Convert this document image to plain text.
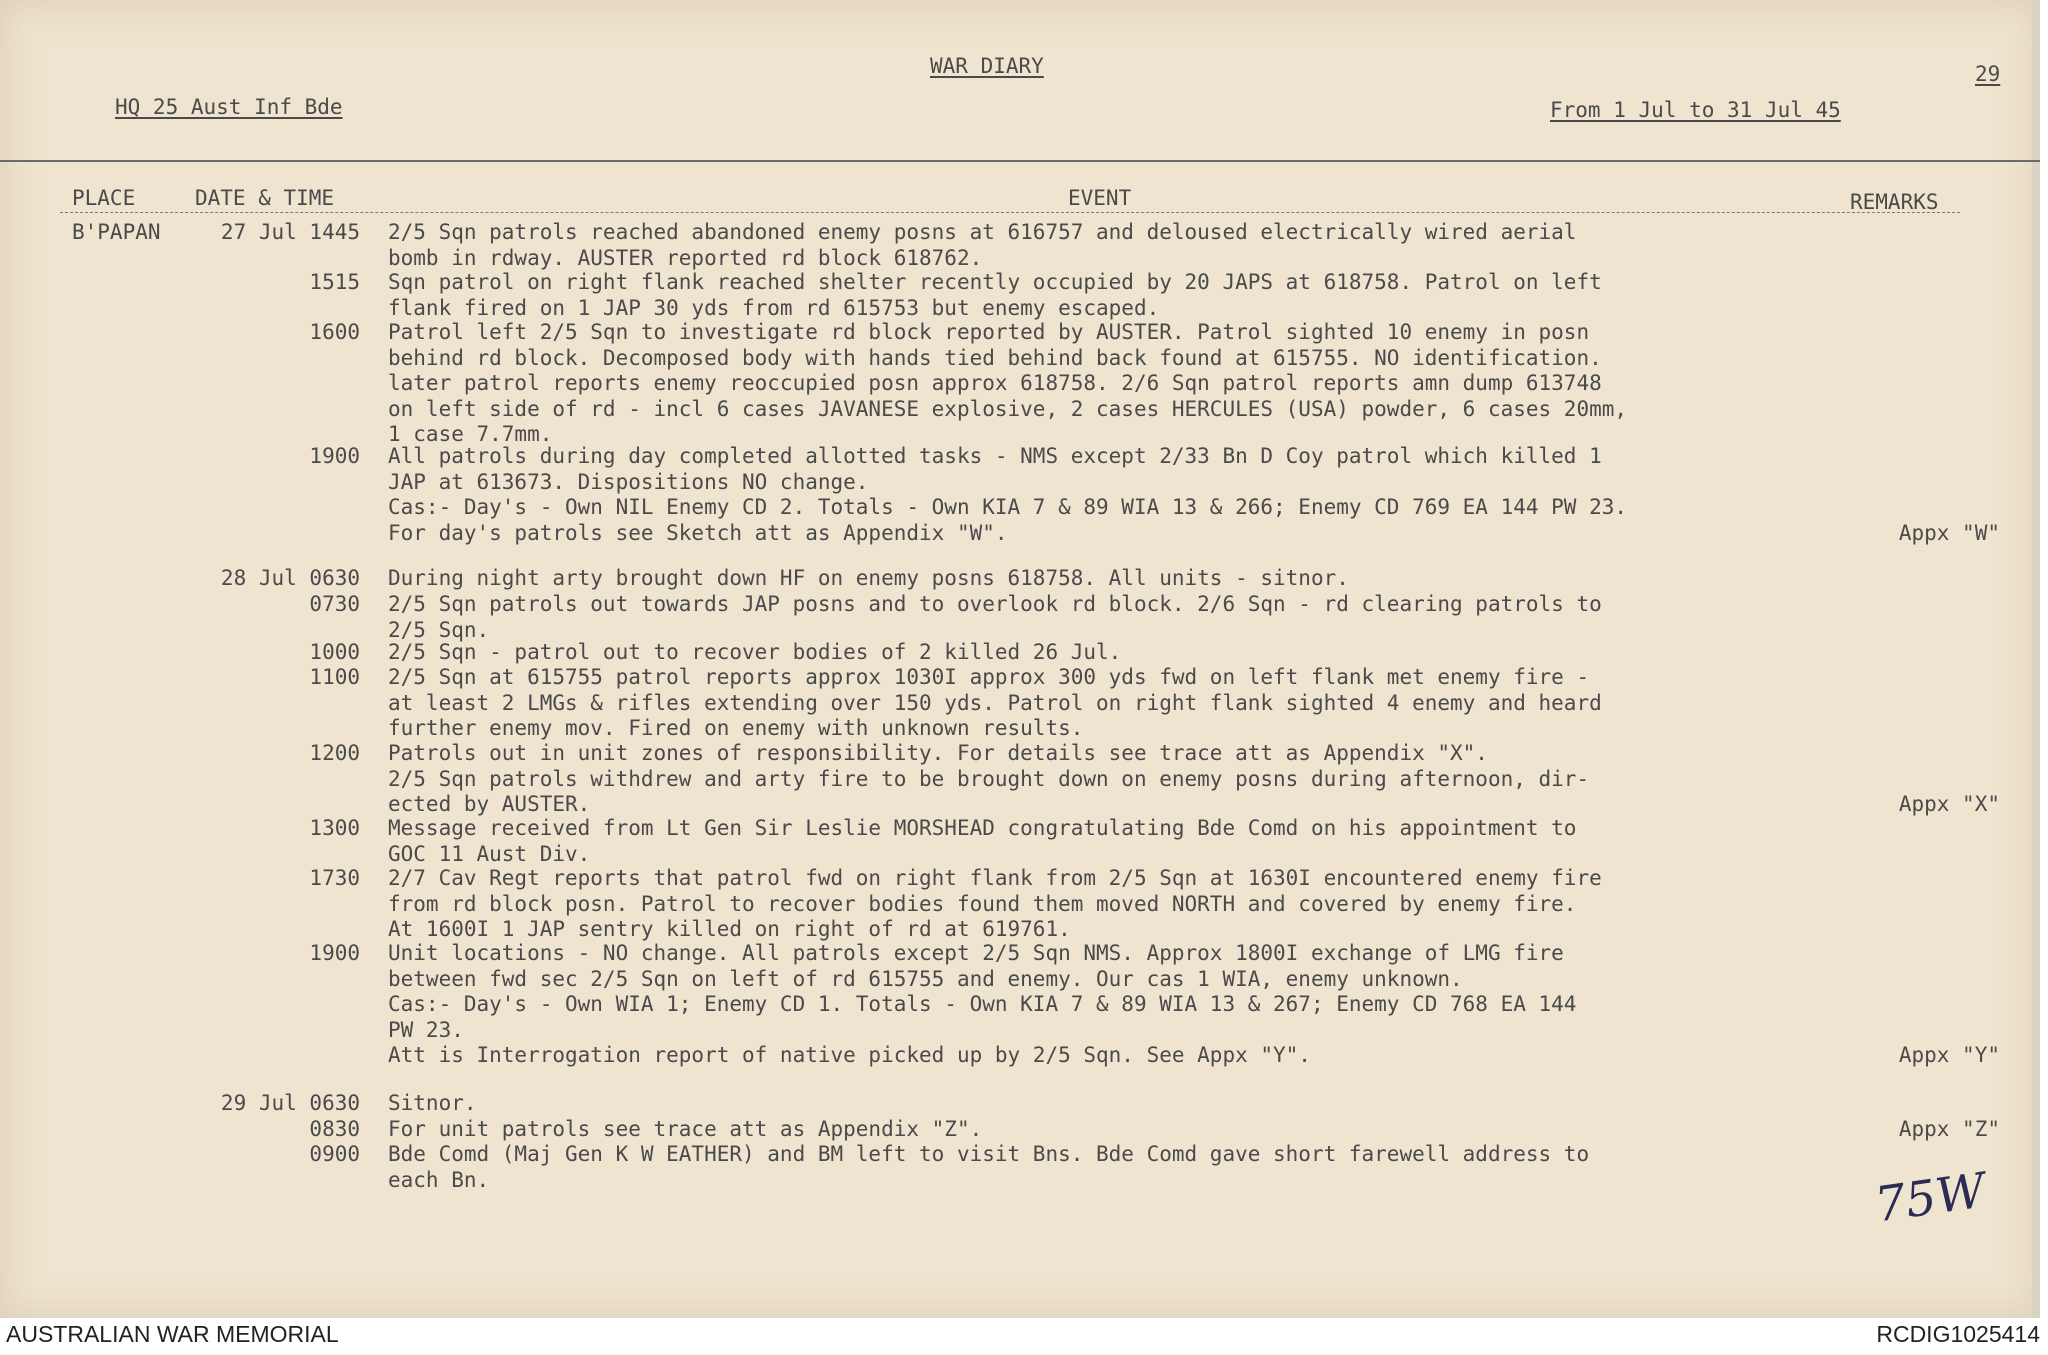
WAR DIARY
HQ 25 Aust Inf Bde	From 1 Jul to 31 Jul 45
29
PLACE	DATE & TIME	EVENT	REMARKS
B'PAPAN	27 Jul 1445 2/5 Sqn patrols reached abandoned enemy posns at 616757 and deloused electrically wired aerial
bomb in rdway. AUSTER reported rd block 618762.
1515 Sqn patrol on right flank reached shelter recently occupied by 20 JAPS at 618758. Patrol on left
flank fired on 1 JAP 30 yds from rd 615753 but enemy escaped.
1600 Patrol left 2/5 Sqn to investigate rd block reported by AUSTER. Patrol sighted 10 enemy in posn
behind rd block. Decomposed body with hands tied behind back found at 615755. NO identification.
later patrol reports enemy reoccupied posn approx 618758. 2/6 Sqn patrol reports amn dump 613748
on left side of rd - incl 6 cases JAVANESE explosive, 2 cases HERCULES (USA) powder, 6 cases 20mm,
1 case 7.7mm.
1900 All patrols during day completed allotted tasks - NMS except 2/33 Bn D Coy patrol which killed 1
JAP at 613673. Dispositions NO change.
Cas:- Day's - Own NIL Enemy CD 2. Totals - Own KIA 7 & 89 WIA 13 & 266; Enemy CD 769 EA 144 PW 23.
For day's patrols see Sketch att as Appendix "W".	Appx "W"
28 Jul 0630 During night arty brought down HF on enemy posns 618758. All units - sitnor.
0730 2/5 Sqn patrols out towards JAP posns and to overlook rd block. 2/6 Sqn - rd clearing patrols to
2/5 Sqn.
1000 2/5 Sqn - patrol out to recover bodies of 2 killed 26 Jul.
1100 2/5 Sqn at 615755 patrol reports approx 1030I approx 300 yds fwd on left flank met enemy fire -
at least 2 LMGs & rifles extending over 150 yds. Patrol on right flank sighted 4 enemy and heard
further enemy mov. Fired on enemy with unknown results.
1200 Patrols out in unit zones of responsibility. For details see trace att as Appendix "X".
2/5 Sqn patrols withdrew and arty fire to be brought down on enemy posns during afternoon, dir-
ected by AUSTER.	Appx "X"
1300 Message received from Lt Gen Sir Leslie MORSHEAD congratulating Bde Comd on his appointment to
GOC 11 Aust Div.
1730 2/7 Cav Regt reports that patrol fwd on right flank from 2/5 Sqn at 1630I encountered enemy fire
from rd block posn. Patrol to recover bodies found them moved NORTH and covered by enemy fire.
At 1600I 1 JAP sentry killed on right of rd at 619761.
1900 Unit locations - NO change. All patrols except 2/5 Sqn NMS. Approx 1800I exchange of LMG fire
between fwd sec 2/5 Sqn on left of rd 615755 and enemy. Our cas 1 WIA, enemy unknown.
Cas:- Day's - Own WIA 1; Enemy CD 1. Totals - Own KIA 7 & 89 WIA 13 & 267; Enemy CD 768 EA 144
PW 23.
Att is Interrogation report of native picked up by 2/5 Sqn. See Appx "Y".	Appx "Y"
29 Jul 0630 Sitnor.
0830 For unit patrols see trace att as Appendix "Z".	Appx "Z"
0900 Bde Comd (Maj Gen K W EATHER) and BM left to visit Bns. Bde Comd gave short farewell address to
each Bn.	75W
AUSTRALIAN WAR MEMORIAL	RCDIG1025414
